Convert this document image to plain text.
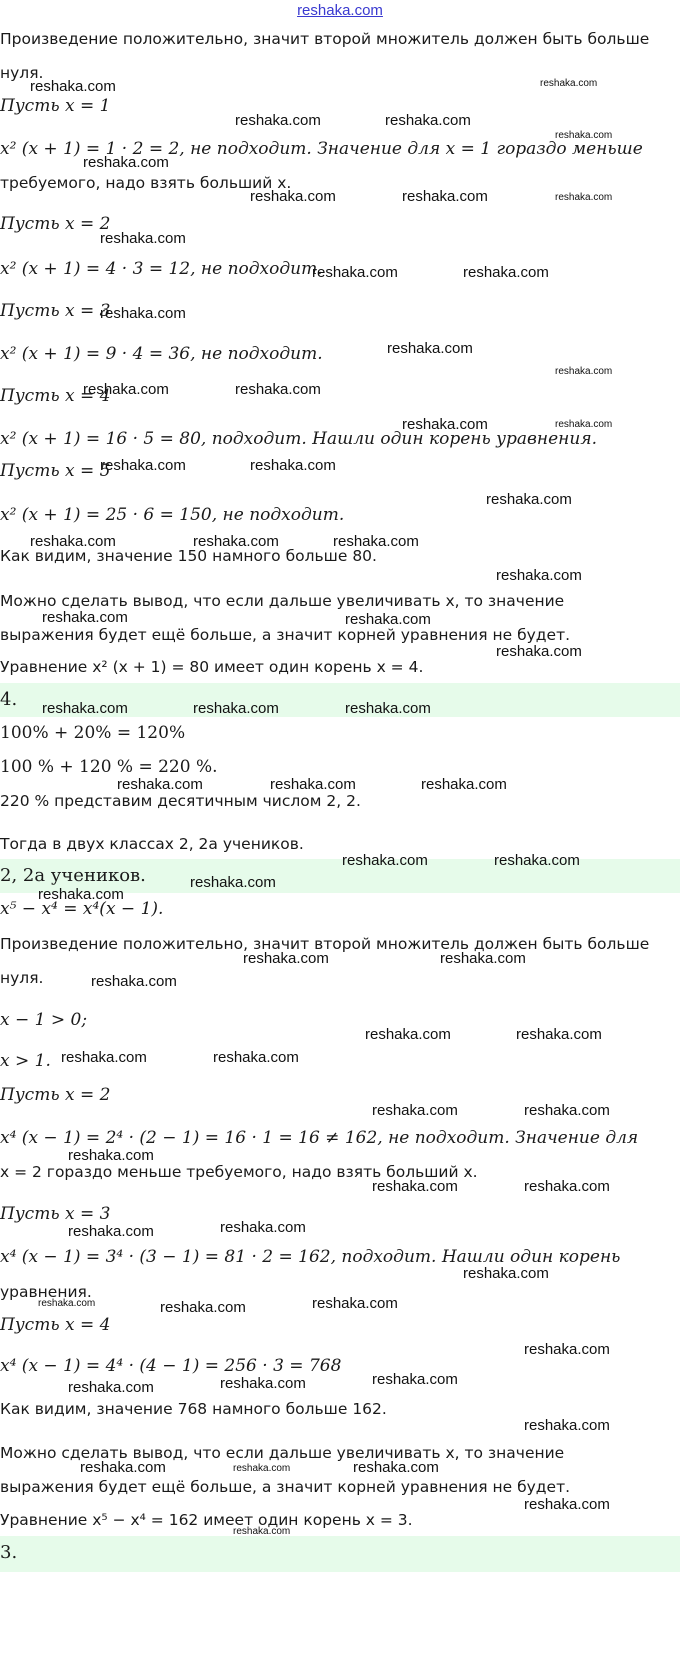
reshaka.com
Произведение положительно, значит второй множитель должен быть больше
нуля.
Пусть x = 1
x² (x + 1) = 1 · 2 = 2, не подходит. Значение для x = 1 гораздо меньше
требуемого, надо взять больший x.
Пусть x = 2
x² (x + 1) = 4 · 3 = 12, не подходит.
Пусть x = 3
x² (x + 1) = 9 · 4 = 36, не подходит.
Пусть x = 4
x² (x + 1) = 16 · 5 = 80, подходит. Нашли один корень уравнения.
Пусть x = 5
x² (x + 1) = 25 · 6 = 150, не подходит.
Как видим, значение 150 намного больше 80.
Можно сделать вывод, что если дальше увеличивать x, то значение
выражения будет ещё больше, а значит корней уравнения не будет.
Уравнение x² (x + 1) = 80 имеет один корень x = 4.
4.
100% + 20% = 120%
100 % + 120 % = 220 %.
220 % представим десятичным числом 2, 2.
Тогда в двух классах 2, 2a учеников.
2, 2a учеников.
x⁵ − x⁴ = x⁴(x − 1).
Произведение положительно, значит второй множитель должен быть больше
нуля.
x − 1 > 0;
x > 1.
Пусть x = 2
x⁴ (x − 1) = 2⁴ · (2 − 1) = 16 · 1 = 16 ≠ 162, не подходит. Значение для
x = 2 гораздо меньше требуемого, надо взять больший x.
Пусть x = 3
x⁴ (x − 1) = 3⁴ · (3 − 1) = 81 · 2 = 162, подходит. Нашли один корень
уравнения.
Пусть x = 4
x⁴ (x − 1) = 4⁴ · (4 − 1) = 256 · 3 = 768
Как видим, значение 768 намного больше 162.
Можно сделать вывод, что если дальше увеличивать x, то значение
выражения будет ещё больше, а значит корней уравнения не будет.
Уравнение x⁵ − x⁴ = 162 имеет один корень x = 3.
3.
reshaka.com	reshaka.com
reshaka.com	reshaka.com
reshaka.com
reshaka.com
reshaka.com	reshaka.com	reshaka.com
reshaka.com
reshaka.com	reshaka.com
reshaka.com
reshaka.com
reshaka.com
reshaka.com	reshaka.com
reshaka.com	reshaka.com
reshaka.com	reshaka.com
reshaka.com
reshaka.com	reshaka.com	reshaka.com
reshaka.com
reshaka.com	reshaka.com
reshaka.com
reshaka.com	reshaka.com	reshaka.com
reshaka.com	reshaka.com	reshaka.com
reshaka.com	reshaka.com
reshaka.com
reshaka.com
reshaka.com	reshaka.com
reshaka.com
reshaka.com	reshaka.com
reshaka.com	reshaka.com
reshaka.com	reshaka.com
reshaka.com
reshaka.com	reshaka.com
reshaka.com	reshaka.com
reshaka.com
reshaka.com	reshaka.com	reshaka.com
reshaka.com
reshaka.com	reshaka.com	reshaka.com
reshaka.com
reshaka.com	reshaka.com	reshaka.com
reshaka.com
reshaka.com
